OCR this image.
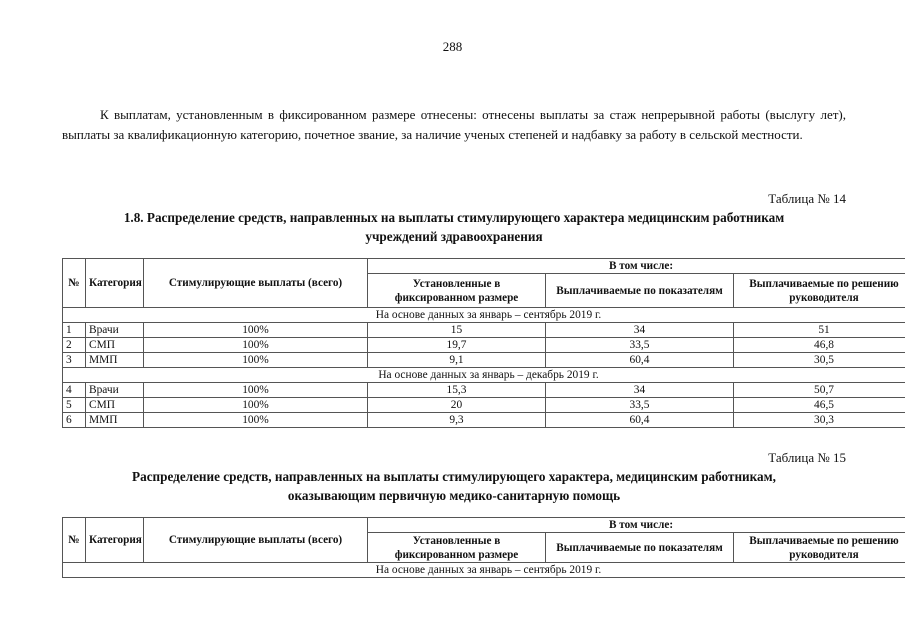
288
К выплатам, установленным в фиксированном размере отнесены: отнесены выплаты за стаж непрерывной работы (выслугу лет), выплаты за квалификационную категорию, почетное звание, за наличие ученых степеней и надбавку за работу в сельской местности.
Таблица № 14
1.8. Распределение средств, направленных на выплаты стимулирующего характера медицинским работникам
учреждений здравоохранения
№	Категория	Стимулирующие выплаты (всего)	В том числе:		
			Установленные в фиксированном размере	Выплачиваемые по показателям	Выплачиваемые по решению руководителя
На основе данных за январь – сентябрь 2019 г.					
1	Врачи	100%	15	34	51
2	СМП	100%	19,7	33,5	46,8
3	ММП	100%	9,1	60,4	30,5
На основе данных за январь – декабрь 2019 г.					
4	Врачи	100%	15,3	34	50,7
5	СМП	100%	20	33,5	46,5
6	ММП	100%	9,3	60,4	30,3
Таблица № 15
Распределение средств, направленных на выплаты стимулирующего характера, медицинским работникам,
оказывающим первичную медико-санитарную помощь
№	Категория	Стимулирующие выплаты (всего)	В том числе:		
			Установленные в фиксированном размере	Выплачиваемые по показателям	Выплачиваемые по решению руководителя
На основе данных за январь – сентябрь 2019 г.					
